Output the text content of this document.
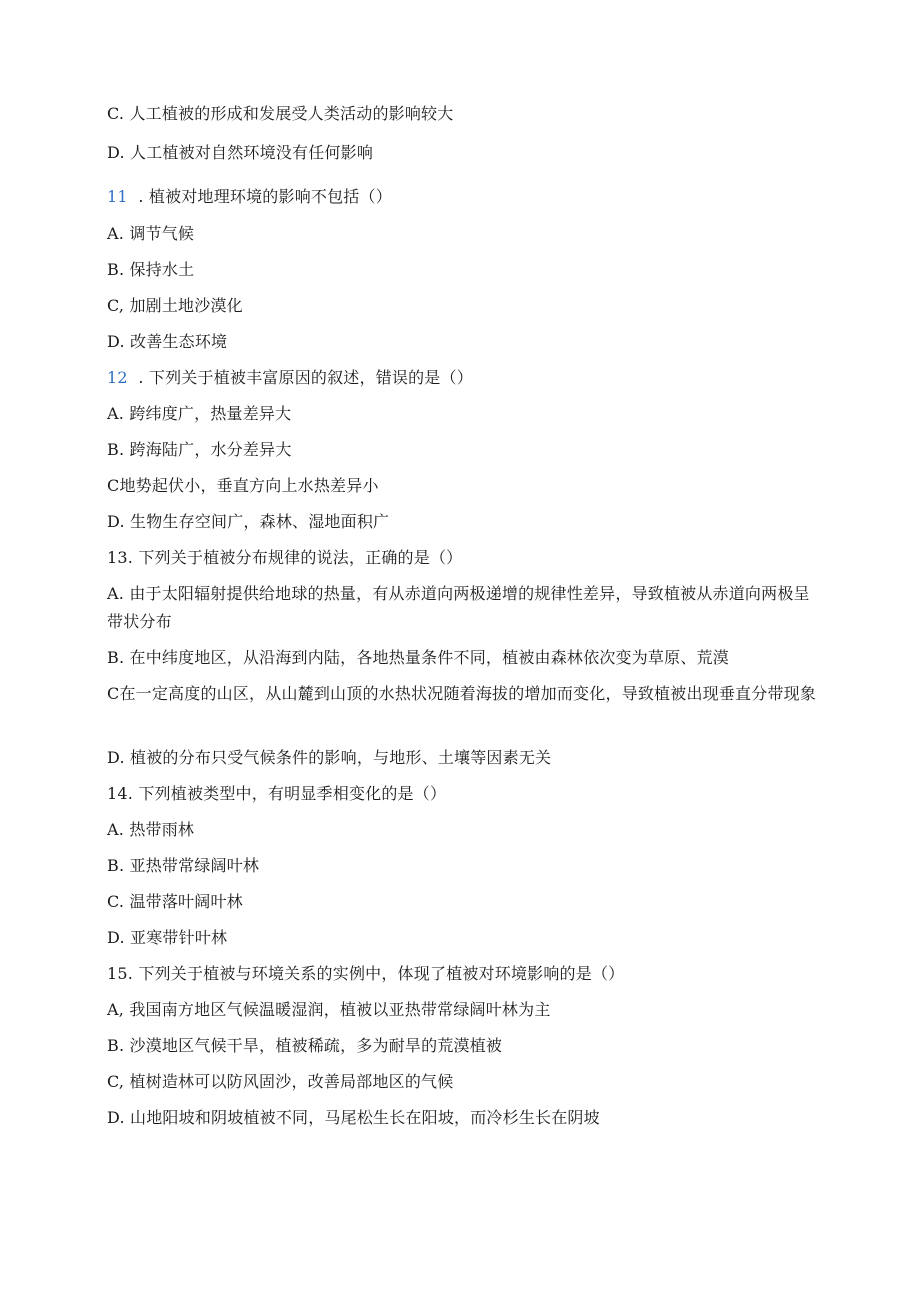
C. 人工植被的形成和发展受人类活动的影响较大
D. 人工植被对自然环境没有任何影响
11  . 植被对地理环境的影响不包括（）
A. 调节气候
B. 保持水土
C, 加剧土地沙漠化
D. 改善生态环境
12  . 下列关于植被丰富原因的叙述，错误的是（）
A. 跨纬度广，热量差异大
B. 跨海陆广，水分差异大
C地势起伏小，垂直方向上水热差异小
D. 生物生存空间广，森林、湿地面积广
13. 下列关于植被分布规律的说法，正确的是（）
A. 由于太阳辐射提供给地球的热量，有从赤道向两极递增的规律性差异，导致植被从赤道向两极呈带状分布
B. 在中纬度地区，从沿海到内陆，各地热量条件不同，植被由森林依次变为草原、荒漠
C在一定高度的山区，从山麓到山顶的水热状况随着海拔的增加而变化，导致植被出现垂直分带现象
D. 植被的分布只受气候条件的影响，与地形、土壤等因素无关
14. 下列植被类型中，有明显季相变化的是（）
A. 热带雨林
B. 亚热带常绿阔叶林
C. 温带落叶阔叶林
D. 亚寒带针叶林
15. 下列关于植被与环境关系的实例中，体现了植被对环境影响的是（）
A, 我国南方地区气候温暖湿润，植被以亚热带常绿阔叶林为主
B. 沙漠地区气候干旱，植被稀疏，多为耐旱的荒漠植被
C, 植树造林可以防风固沙，改善局部地区的气候
D. 山地阳坡和阴坡植被不同，马尾松生长在阳坡，而冷杉生长在阴坡
